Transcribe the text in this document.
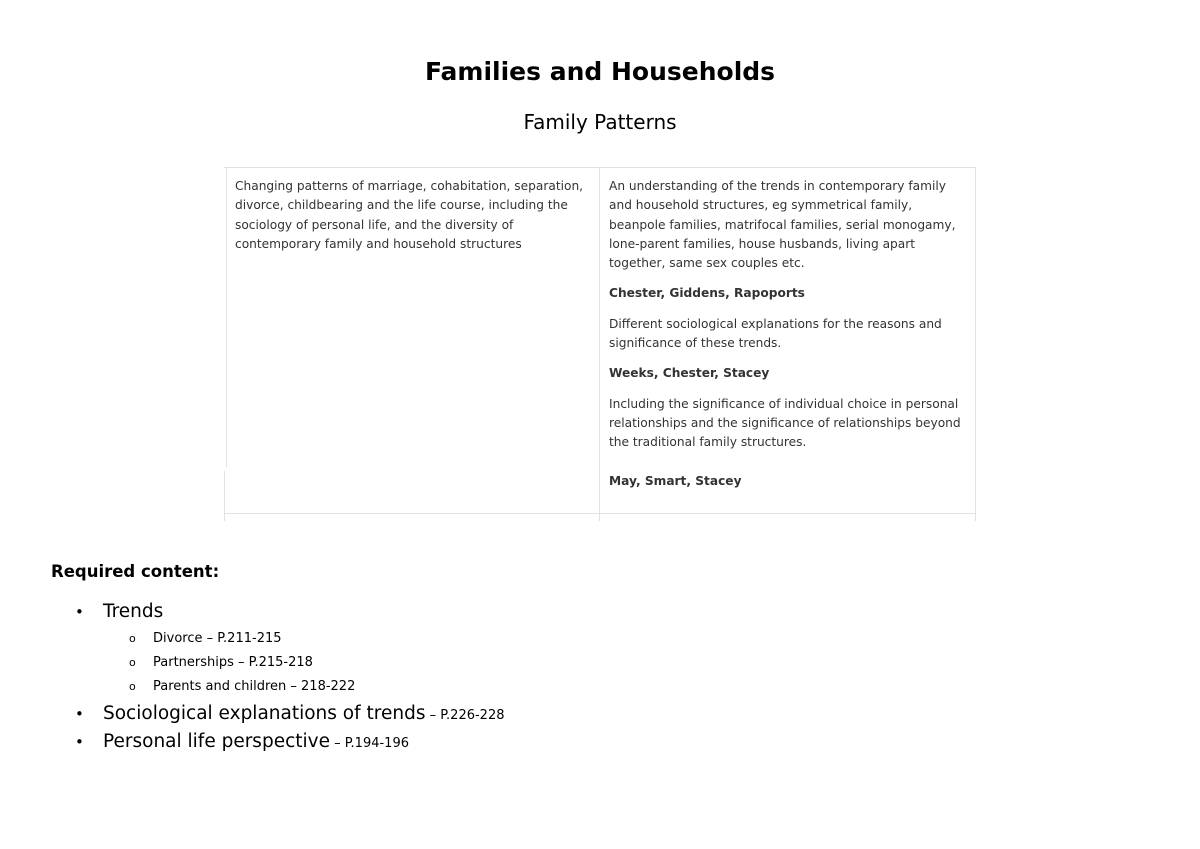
Families and Households
Family Patterns
Changing patterns of marriage, cohabitation, separation, divorce, childbearing and the life course, including the sociology of personal life, and the diversity of contemporary family and household structures

An understanding of the trends in contemporary family and household structures, eg symmetrical family, beanpole families, matrifocal families, serial monogamy, lone-parent families, house husbands, living apart together, same sex couples etc.

Chester, Giddens, Rapoports

Different sociological explanations for the reasons and significance of these trends.

Weeks, Chester, Stacey

Including the significance of individual choice in personal relationships and the significance of relationships beyond the traditional family structures.

May, Smart, Stacey

Required content:
• Trends
o Divorce – P.211-215
o Partnerships – P.215-218
o Parents and children – 218-222
• Sociological explanations of trends – P.226-228
• Personal life perspective – P.194-196
